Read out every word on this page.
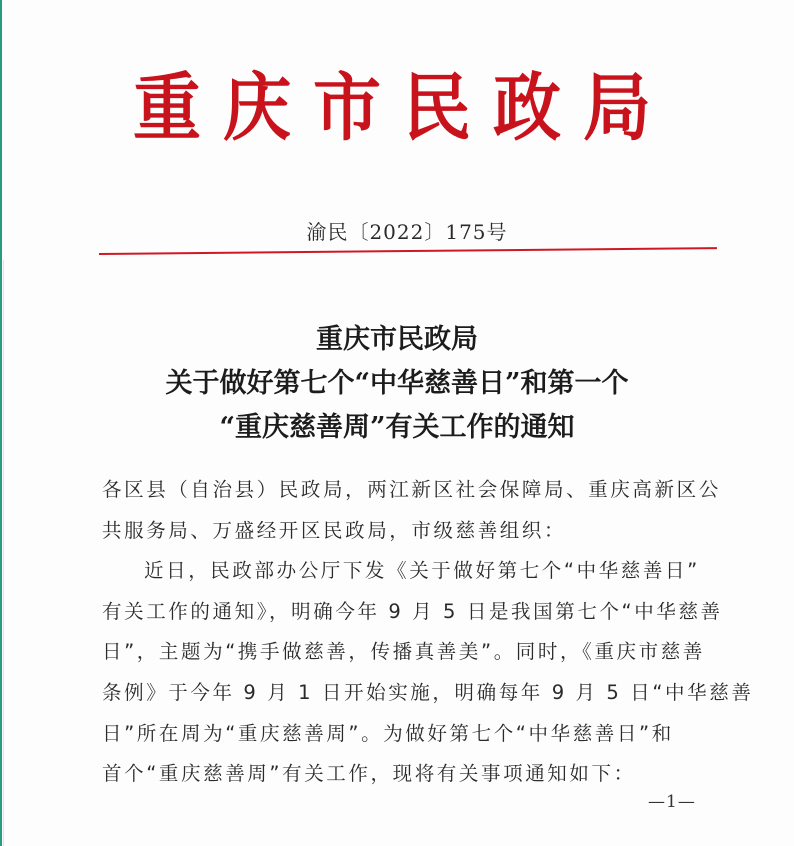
重庆市民政局
渝民〔2022〕175号
重庆市民政局
关于做好第七个“中华慈善日”和第一个
“重庆慈善周”有关工作的通知
各区县（自治县）民政局，两江新区社会保障局、重庆高新区公
共服务局、万盛经开区民政局，市级慈善组织：
近日，民政部办公厅下发《关于做好第七个“中华慈善日”
有关工作的通知》，明确今年 9 月 5 日是我国第七个“中华慈善
日”，主题为“携手做慈善，传播真善美”。同时，《重庆市慈善
条例》于今年 9 月 1 日开始实施，明确每年 9 月 5 日“中华慈善
日”所在周为“重庆慈善周”。为做好第七个“中华慈善日”和
首个“重庆慈善周”有关工作，现将有关事项通知如下：
—1—
